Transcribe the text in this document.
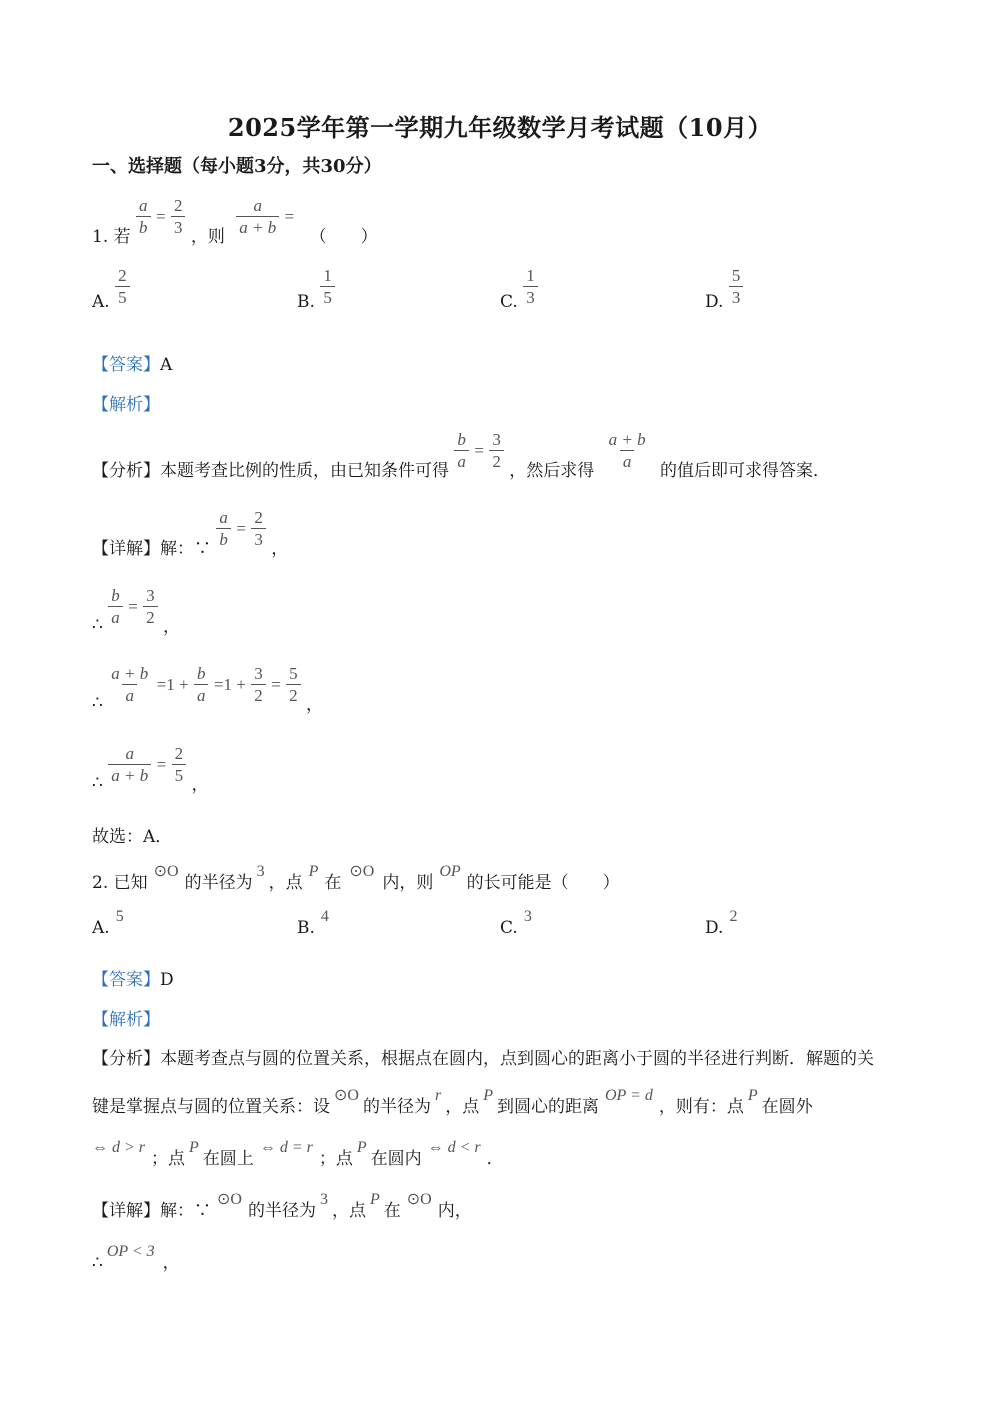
2025学年第一学期九年级数学月考试题（10月）
一、选择题（每小题3分，共30分）
1. 若 $\frac{a}{b} = \frac{2}{3}$ ，则 $\frac{a}{a + b}$ = （　　）
A. $\frac{2}{5}$	B. $\frac{1}{5}$	C. $\frac{1}{3}$	D. $\frac{5}{3}$
【答案】A
【解析】
【分析】本题考查比例的性质，由已知条件可得 $\frac{b}{a} = \frac{3}{2}$ ，然后求得 $\frac{a + b}{a}$ 的值后即可求得答案．
【详解】解：∵ $\frac{a}{b} = \frac{2}{3}$ ，
∴ $\frac{b}{a} = \frac{3}{2}$ ，
∴ $\frac{a + b}{a} =1 + \frac{b}{a} =1 + \frac{3}{2} = \frac{5}{2}$ ，
∴ $\frac{a}{a + b} = \frac{2}{5}$ ，
故选：A．
2. 已知⊙O的半径为3，点P在⊙O内，则OP的长可能是（　　）
A.5
B.4
C.3
D.2
【答案】D
【解析】
【分析】本题考查点与圆的位置关系，根据点在圆内，点到圆心的距离小于圆的半径进行判断．解题的关
键是掌握点与圆的位置关系：设⊙O的半径为r，点P到圆心的距离OP = d，则有：点P在圆外
⇔ d > r；点P在圆上⇔ d = r；点P在圆内⇔ d < r．
【详解】解：∵⊙O的半径为3，点P在⊙O内，
∴OP < 3，
